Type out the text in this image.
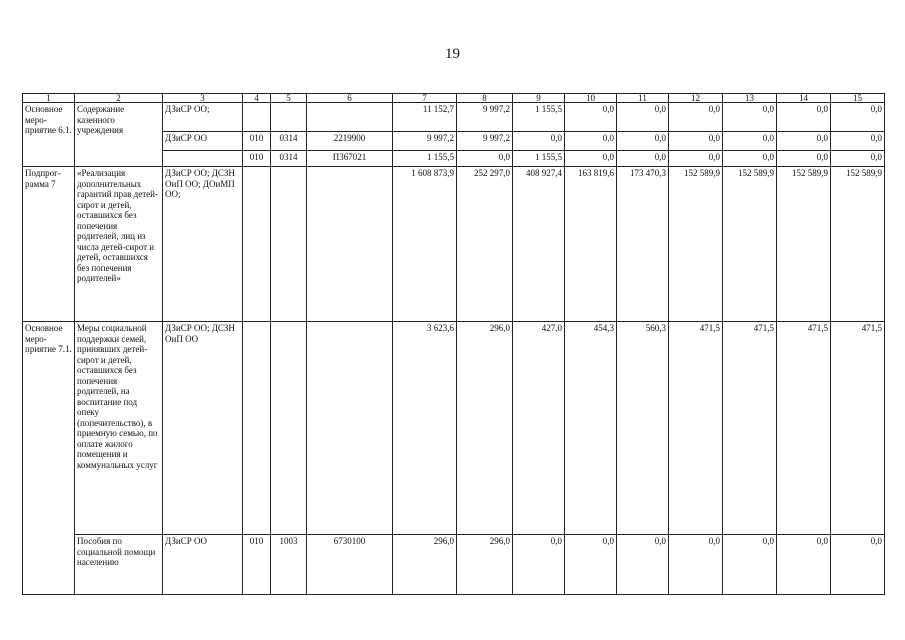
19
1	2	3	4	5	6	7	8	9	10	11	12	13	14	15
Основное меро-приятие 6.1.	Содержание казенного учреждения	ДЗиСР ОО;				11 152,7	9 997,2	1 155,5	0,0	0,0	0,0	0,0	0,0	0,0
		ДЗиСР ОО	010	0314	2219900	9 997,2	9 997,2	0,0	0,0	0,0	0,0	0,0	0,0	0,0
			010	0314	П367021	1 155,5	0,0	1 155,5	0,0	0,0	0,0	0,0	0,0	0,0
Подпрог-рамма 7	«Реализация дополнительных гарантий прав детей-сирот и детей, оставшихся без попечения родителей, лиц из числа детей-сирот и детей, оставшихся без попечения родителей»	ДЗиСР ОО; ДСЗН ОиП ОО; ДОиМП ОО;				1 608 873,9	252 297,0	408 927,4	163 819,6	173 470,3	152 589,9	152 589,9	152 589,9	152 589,9
Основное меро-приятие 7.1.	Меры социальной поддержки семей, принявших детей-сирот и детей, оставшихся без попечения родителей, на воспитание под опеку (попечительство), в приемную семью, по оплате жилого помещения и коммунальных услуг	ДЗиСР ОО; ДСЗН ОиП ОО				3 623,6	296,0	427,0	454,3	560,3	471,5	471,5	471,5	471,5
	Пособия по социальной помощи населению	ДЗиСР ОО	010	1003	6730100	296,0	296,0	0,0	0,0	0,0	0,0	0,0	0,0	0,0
